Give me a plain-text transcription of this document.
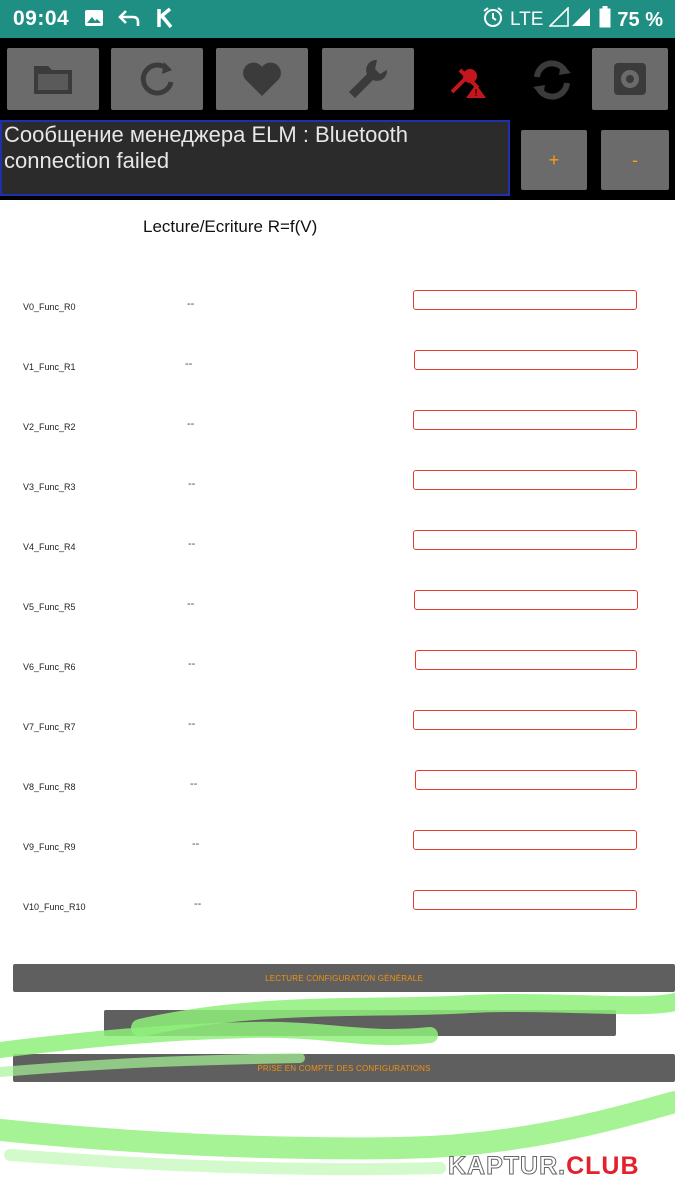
09:04	LTE	75 %
!
Сообщение менеджера ELM : Bluetooth connection failed	+	-
Lecture/Ecriture R=f(V)
V0_Func_R0	--
V1_Func_R1	--
V2_Func_R2	--
V3_Func_R3	--
V4_Func_R4	--
V5_Func_R5	--
V6_Func_R6	--
V7_Func_R7	--
V8_Func_R8	--
V9_Func_R9	--
V10_Func_R10	--
LECTURE CONFIGURATION GÉNÉRALE
PRISE EN COMPTE DES CONFIGURATIONS
KAPTUR.CLUB
